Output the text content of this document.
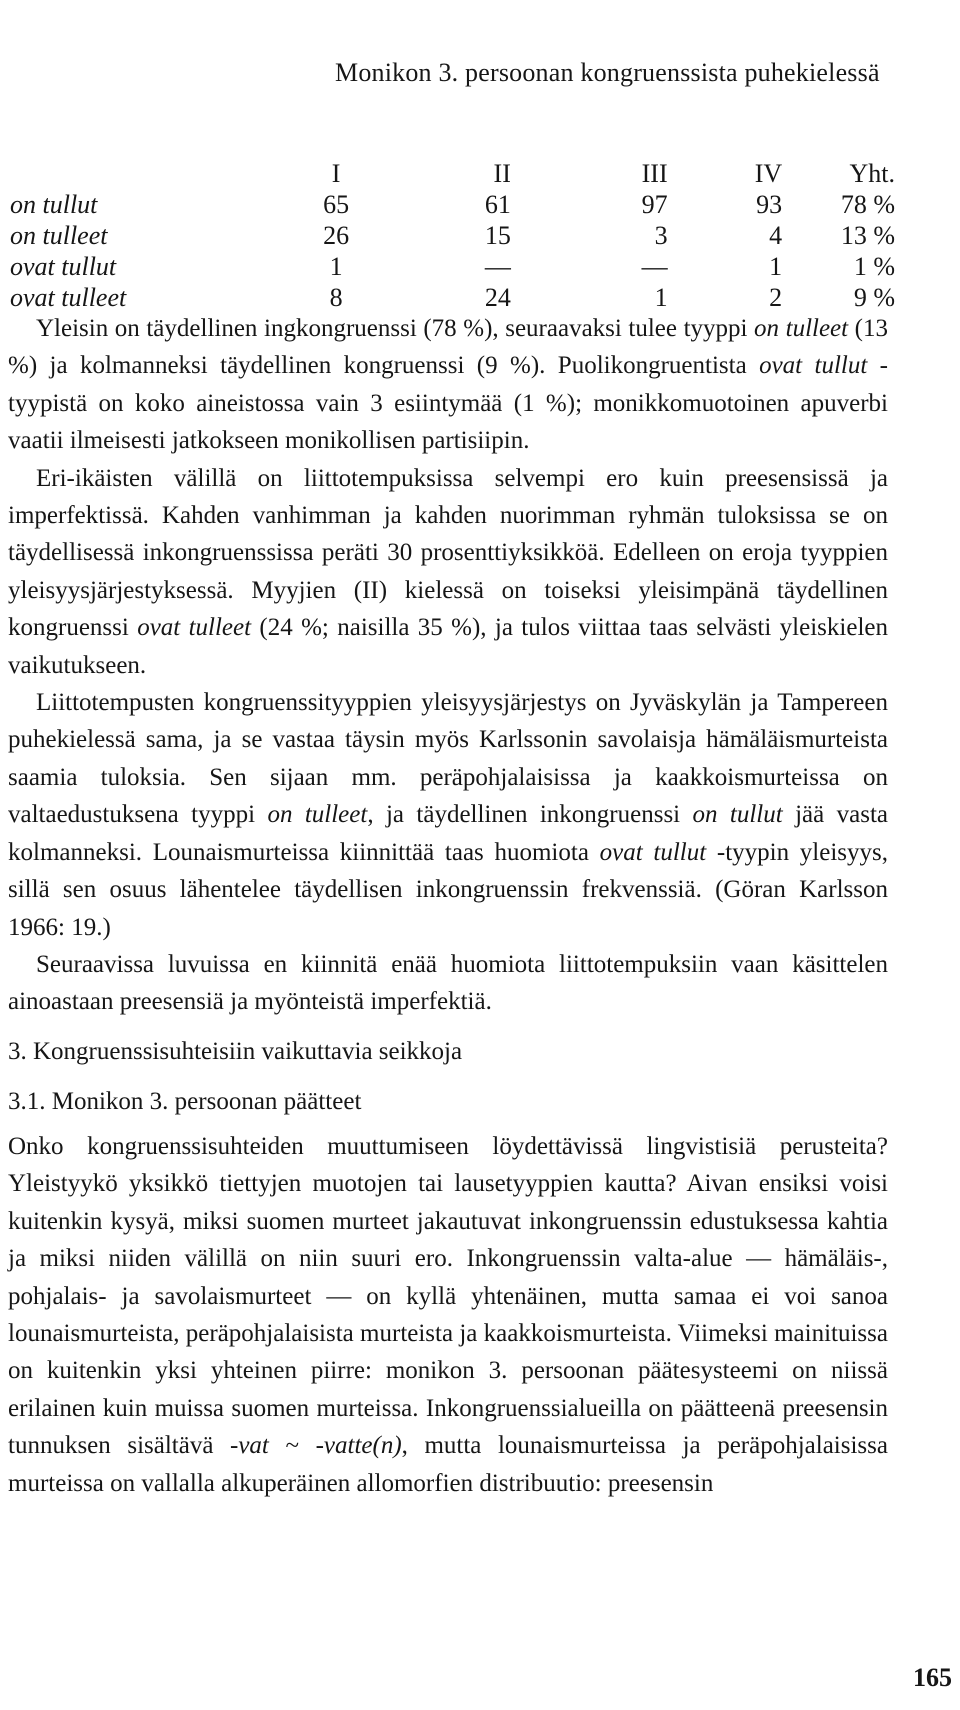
Monikon 3. persoonan kongruenssista puhekielessä
	I	II	III	IV	Yht.
on tullut	65	61	97	93	78 %
on tulleet	26	15	3	4	13 %
ovat tullut	1	—	—	1	1 %
ovat tulleet	8	24	1	2	9 %

Yleisin on täydellinen ingkongruenssi (78 %), seuraavaksi tulee tyyppi on tulleet (13 %) ja kolmanneksi täydellinen kongruenssi (9 %). Puolikongruentista ovat tullut -tyypistä on koko aineistossa vain 3 esiintymää (1 %); monikkomuotoinen apuverbi vaatii ilmeisesti jatkokseen monikollisen partisiipin.

Eri-ikäisten välillä on liittotempuksissa selvempi ero kuin preesensissä ja imperfektissä. Kahden vanhimman ja kahden nuorimman ryhmän tuloksissa se on täydellisessä inkongruenssissa peräti 30 prosenttiyksikköä. Edelleen on eroja tyyppien yleisyysjärjestyksessä. Myyjien (II) kielessä on toiseksi yleisimpänä täydellinen kongruenssi ovat tulleet (24 %; naisilla 35 %), ja tulos viittaa taas selvästi yleiskielen vaikutukseen.

Liittotempusten kongruenssityyppien yleisyysjärjestys on Jyväskylän ja Tampereen puhekielessä sama, ja se vastaa täysin myös Karlssonin savolaisja hämäläismurteista saamia tuloksia. Sen sijaan mm. peräpohjalaisissa ja kaakkoismurteissa on valtaedustuksena tyyppi on tulleet, ja täydellinen inkongruenssi on tullut jää vasta kolmanneksi. Lounaismurteissa kiinnittää taas huomiota ovat tullut -tyypin yleisyys, sillä sen osuus lähentelee täydellisen inkongruenssin frekvenssiä. (Göran Karlsson 1966: 19.)

Seuraavissa luvuissa en kiinnitä enää huomiota liittotempuksiin vaan käsittelen ainoastaan preesensiä ja myönteistä imperfektiä.

3. Kongruenssisuhteisiin vaikuttavia seikkoja
3.1. Monikon 3. persoonan päätteet

Onko kongruenssisuhteiden muuttumiseen löydettävissä lingvistisiä perusteita? Yleistyykö yksikkö tiettyjen muotojen tai lausetyyppien kautta? Aivan ensiksi voisi kuitenkin kysyä, miksi suomen murteet jakautuvat inkongruenssin edustuksessa kahtia ja miksi niiden välillä on niin suuri ero. Inkongruenssin valta-alue — hämäläis-, pohjalais- ja savolaismurteet — on kyllä yhtenäinen, mutta samaa ei voi sanoa lounaismurteista, peräpohjalaisista murteista ja kaakkoismurteista. Viimeksi mainituissa on kuitenkin yksi yhteinen piirre: monikon 3. persoonan päätesysteemi on niissä erilainen kuin muissa suomen murteissa. Inkongruenssialueilla on päätteenä preesensin tunnuksen sisältävä -vat ~ -vatte(n), mutta lounaismurteissa ja peräpohjalaisissa murteissa on vallalla alkuperäinen allomorfien distribuutio: preesensin

165
